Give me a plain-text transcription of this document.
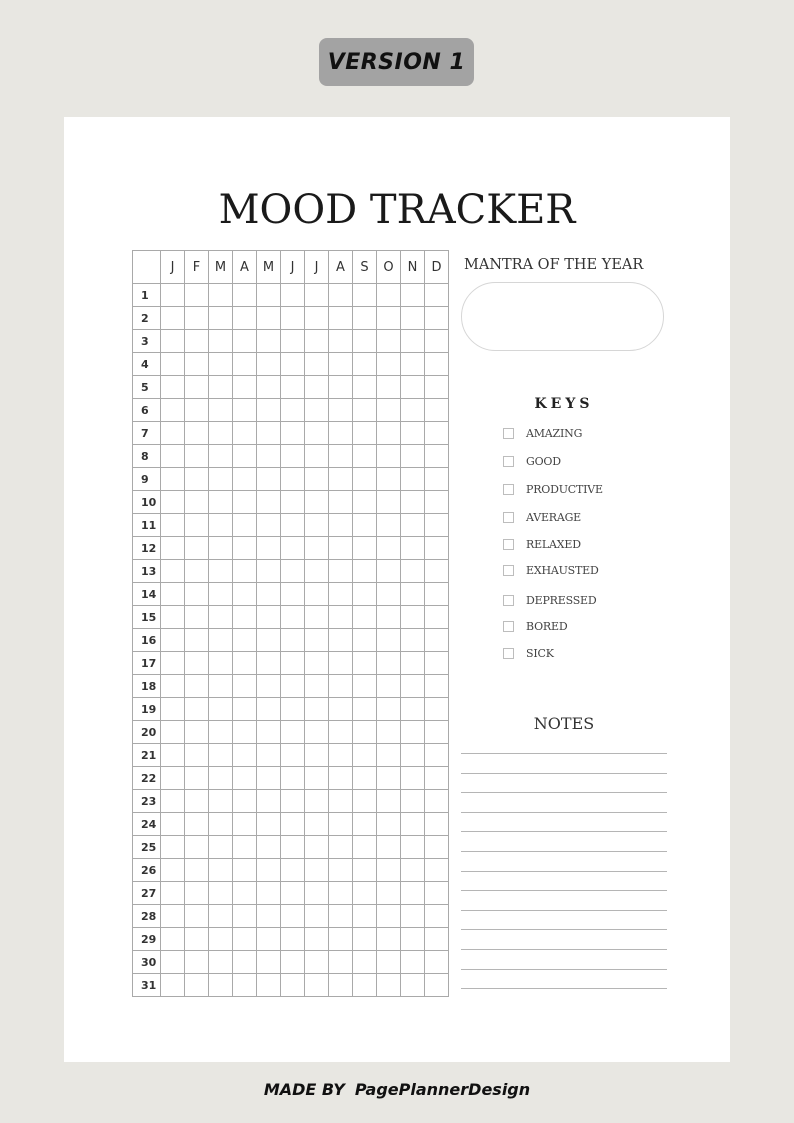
VERSION 1
MOOD TRACKER
	J	F	M	A	M	J	J	A	S	O	N	D
1												
2												
3												
4												
5												
6												
7												
8												
9												
10												
11												
12												
13												
14												
15												
16												
17												
18												
19												
20												
21												
22												
23												
24												
25												
26												
27												
28												
29												
30												
31												
MANTRA OF THE YEAR
KEYS
AMAZING
GOOD
PRODUCTIVE
AVERAGE
RELAXED
EXHAUSTED
DEPRESSED
BORED
SICK
NOTES
MADE BY PagePlannerDesign
